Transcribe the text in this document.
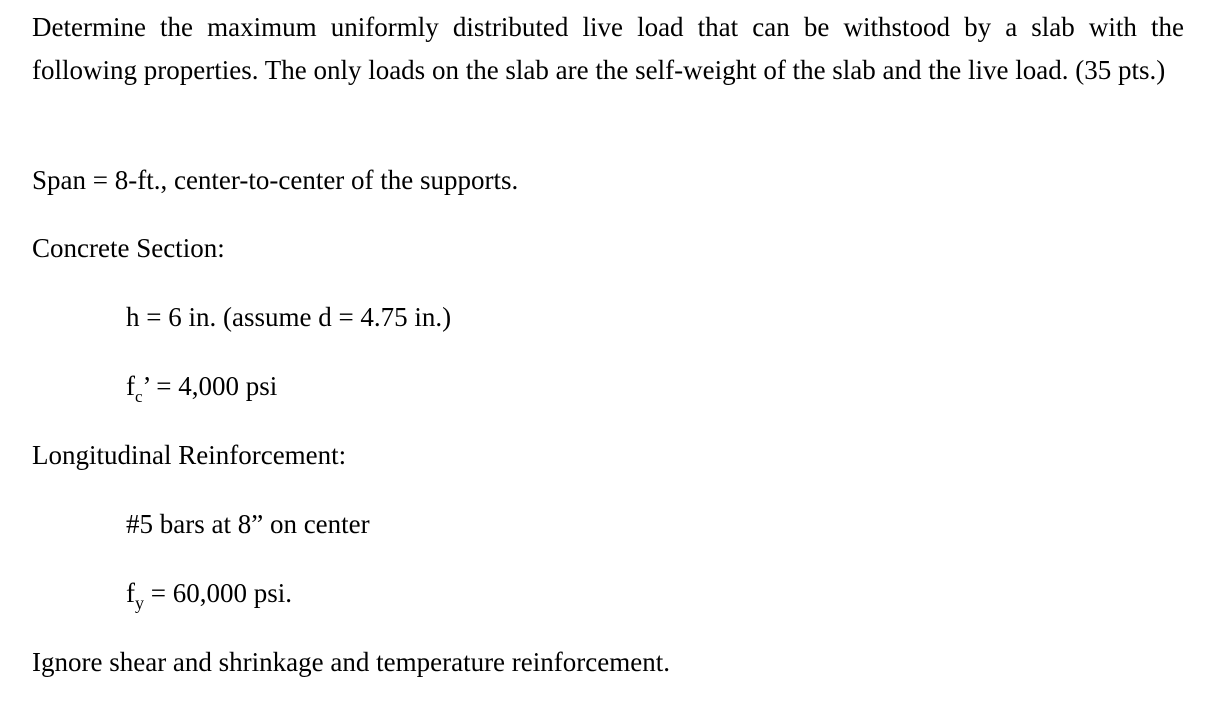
Determine the maximum uniformly distributed live load that can be withstood by a slab with the following properties. The only loads on the slab are the self-weight of the slab and the live load. (35 pts.)

Span = 8-ft., center-to-center of the supports.
Concrete Section:
h = 6 in. (assume d = 4.75 in.)
$f_c$’ = 4,000 psi
Longitudinal Reinforcement:
#5 bars at 8” on center
$f_y = 60,000$ psi.
Ignore shear and shrinkage and temperature reinforcement.
